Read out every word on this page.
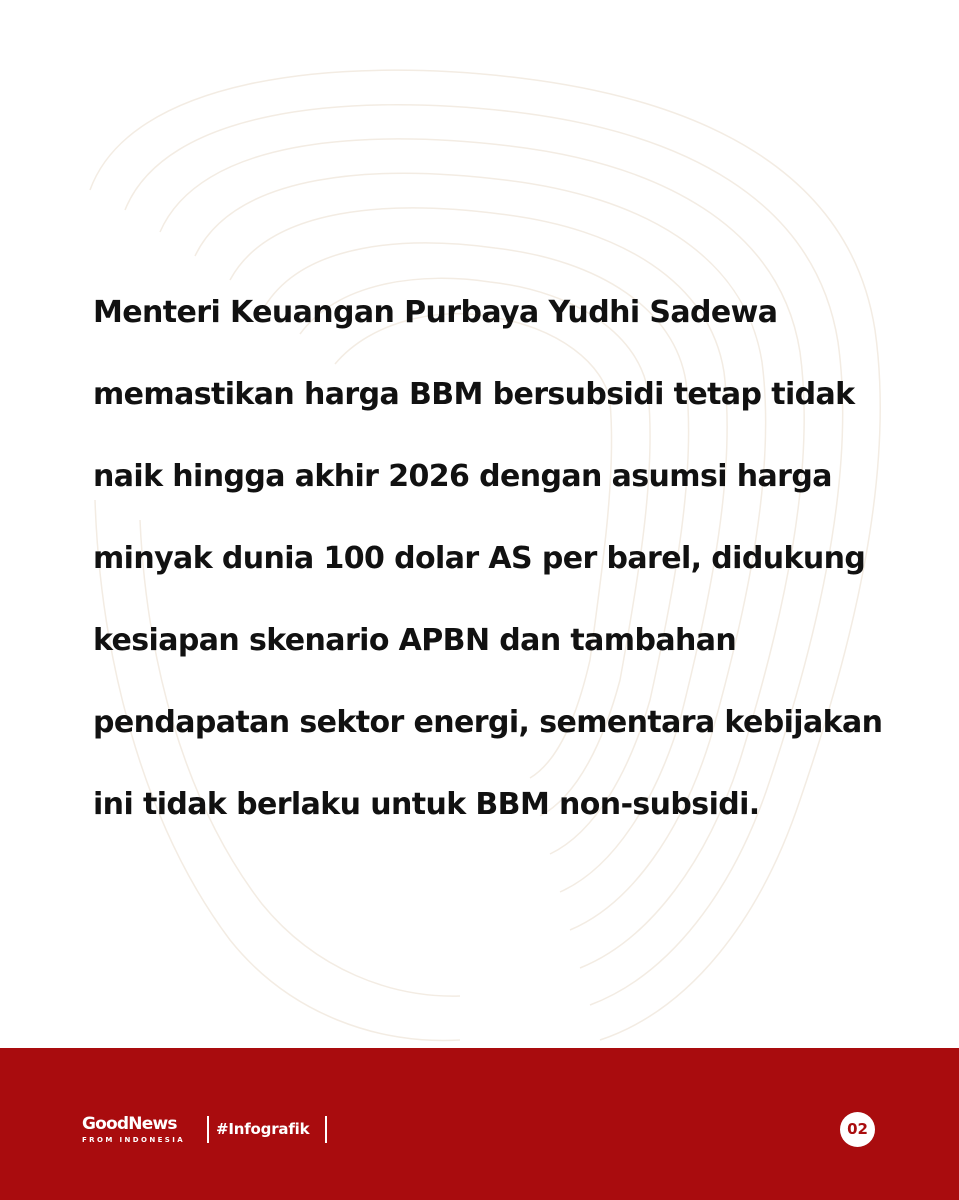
Menteri Keuangan Purbaya Yudhi Sadewa
memastikan harga BBM bersubsidi tetap tidak
naik hingga akhir 2026 dengan asumsi harga
minyak dunia 100 dolar AS per barel, didukung
kesiapan skenario APBN dan tambahan
pendapatan sektor energi, sementara kebijakan
ini tidak berlaku untuk BBM non-subsidi.
GoodNews
FROM INDONESIA
#Infografik	02
